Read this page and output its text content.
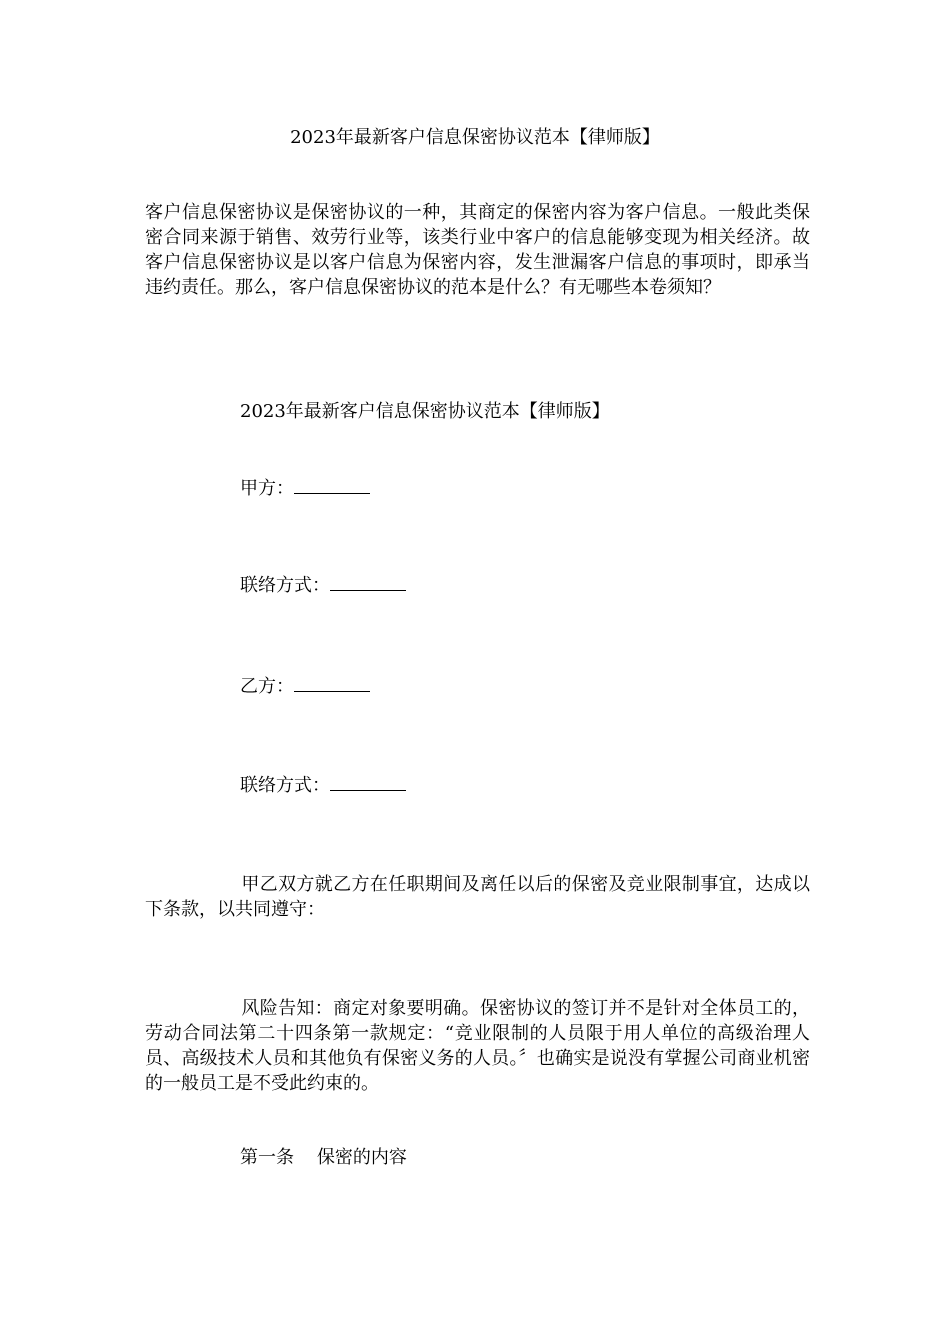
2023年最新客户信息保密协议范本【律师版】
客户信息保密协议是保密协议的一种，其商定的保密内容为客户信息。一般此类保密合同来源于销售、效劳行业等，该类行业中客户的信息能够变现为相关经济。故客户信息保密协议是以客户信息为保密内容，发生泄漏客户信息的事项时，即承当违约责任。那么，客户信息保密协议的范本是什么？有无哪些本卷须知？
2023年最新客户信息保密协议范本【律师版】
甲方：
联络方式：
乙方：
联络方式：
甲乙双方就乙方在任职期间及离任以后的保密及竞业限制事宜，达成以下条款，以共同遵守：
风险告知：商定对象要明确。保密协议的签订并不是针对全体员工的，劳动合同法第二十四条第一款规定：“竞业限制的人员限于用人单位的高级治理人员、高级技术人员和其他负有保密义务的人员。〞也确实是说没有掌握公司商业机密的一般员工是不受此约束的。
第一条    保密的内容
